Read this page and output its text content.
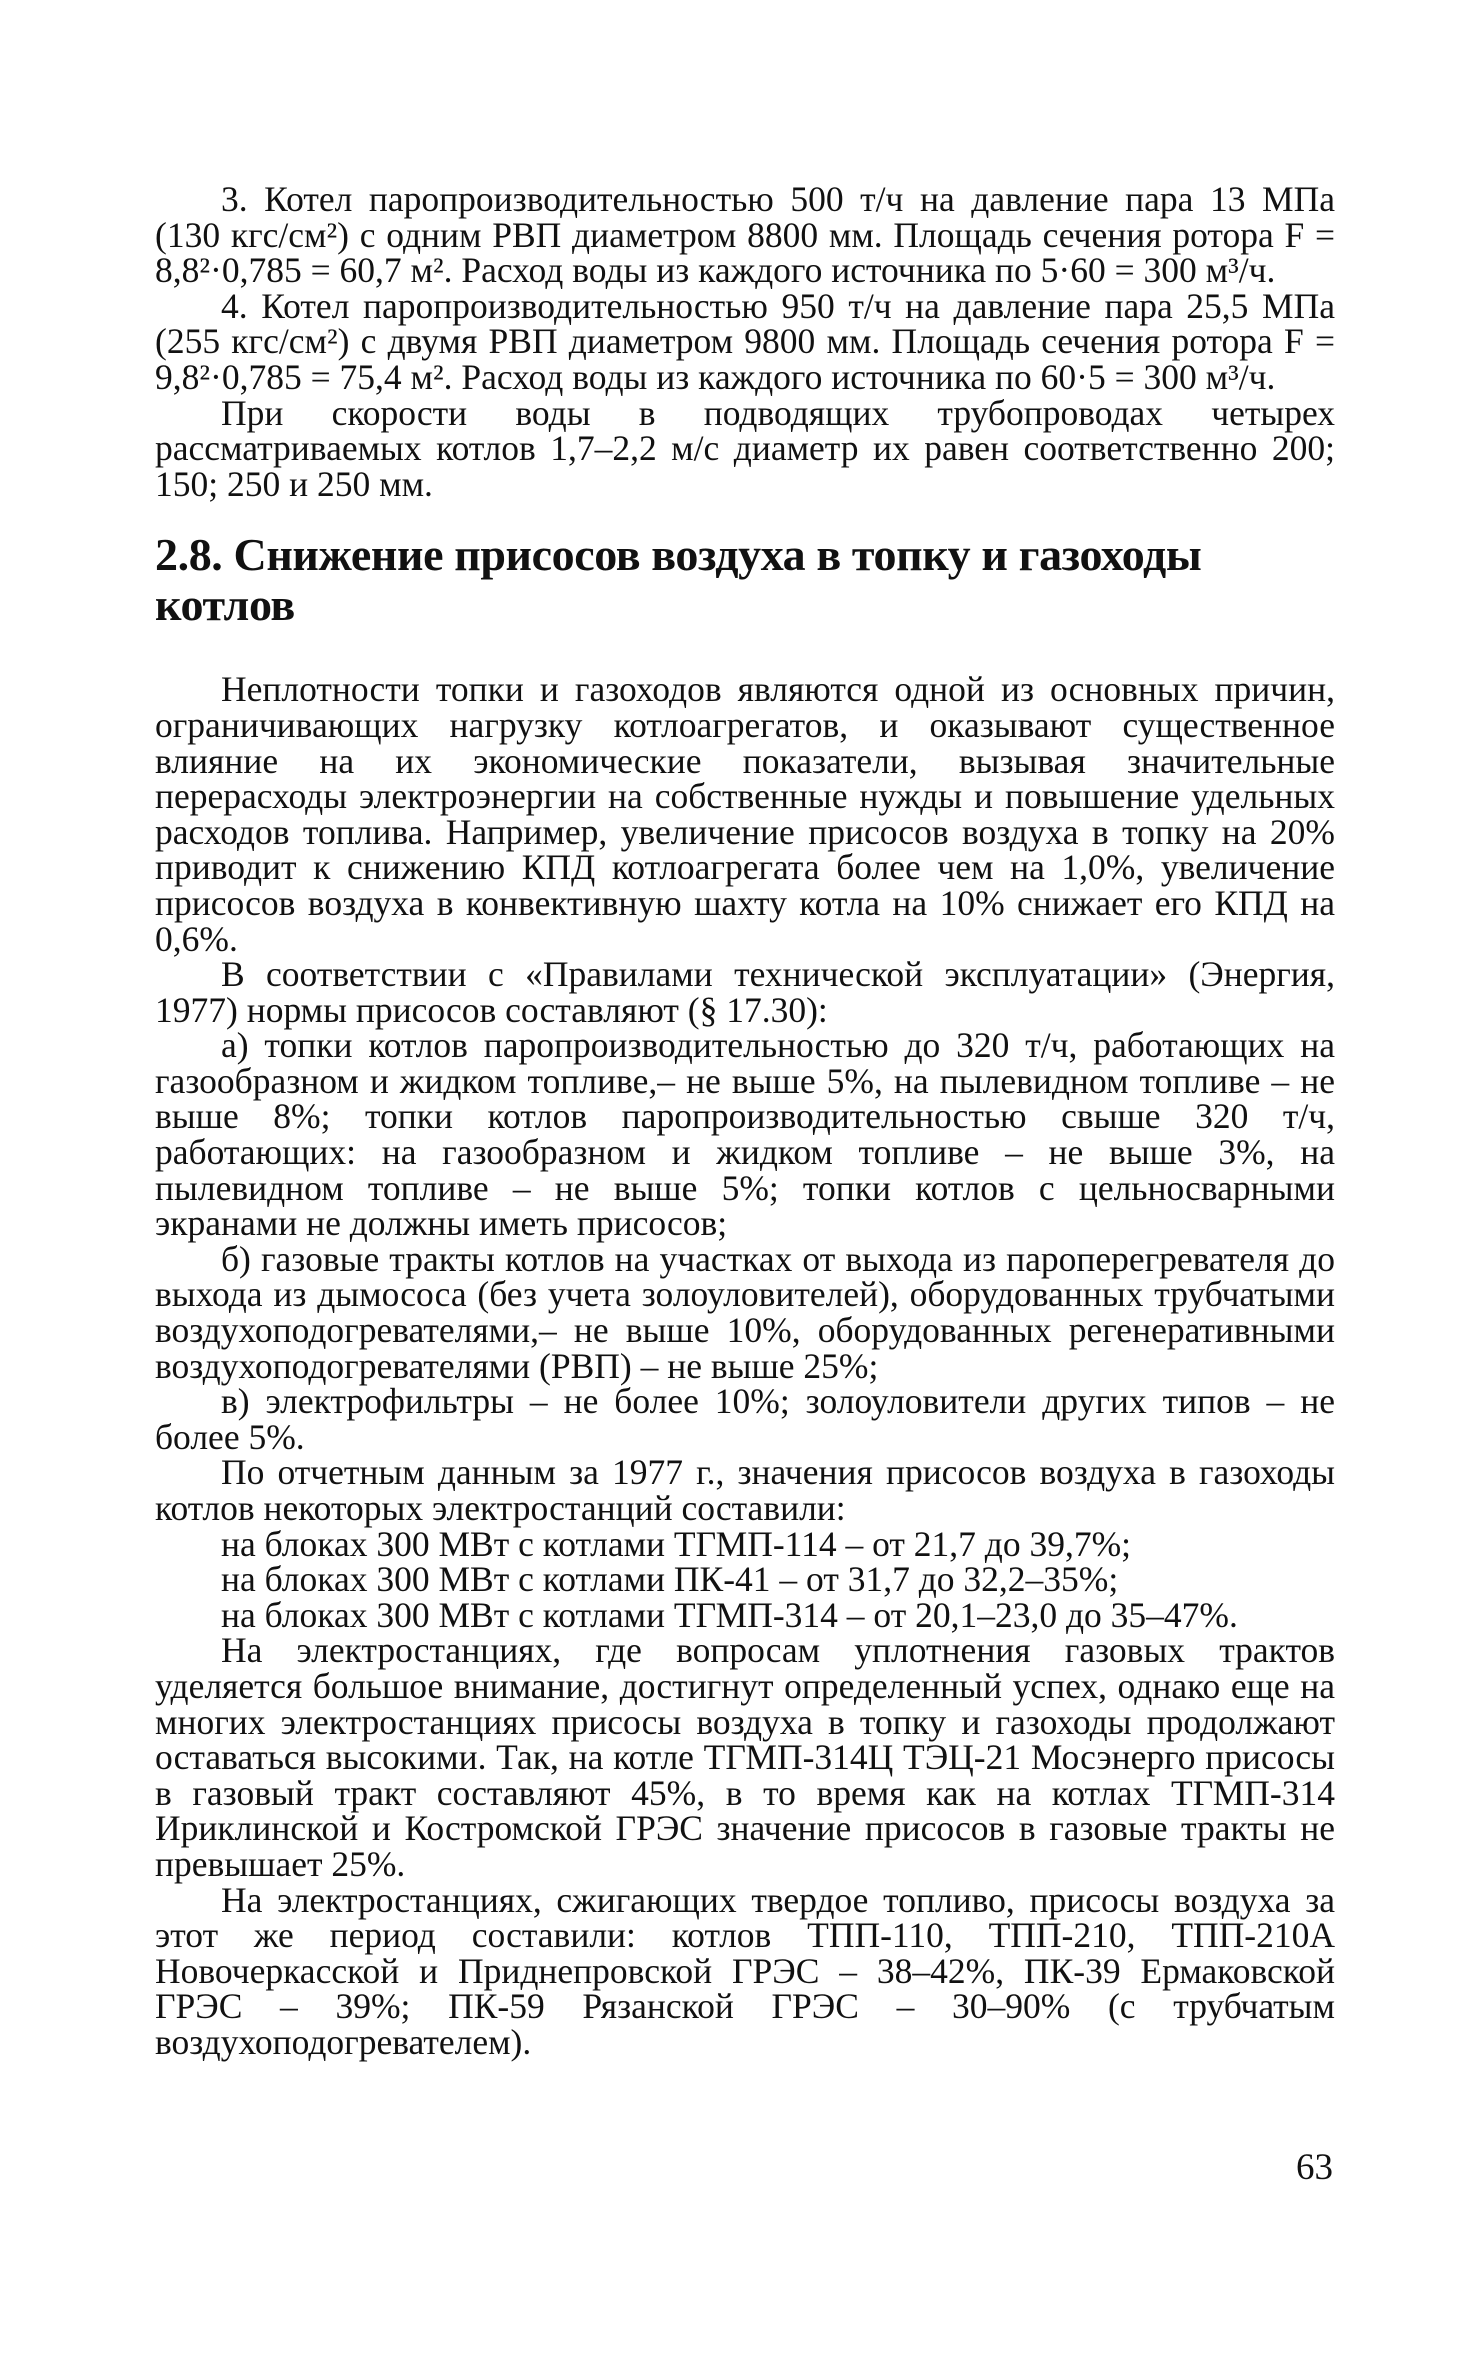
3. Котел паропроизводительностью 500 т/ч на давление пара 13 МПа (130 кгс/см²) с одним РВП диаметром 8800 мм. Площадь сечения ротора F = 8,8²·0,785 = 60,7 м². Расход воды из каждого источника по 5·60 = 300 м³/ч.

4. Котел паропроизводительностью 950 т/ч на давление пара 25,5 МПа (255 кгс/см²) с двумя РВП диаметром 9800 мм. Площадь сечения ротора F = 9,8²·0,785 = 75,4 м². Расход воды из каждого источника по 60·5 = 300 м³/ч.

При скорости воды в подводящих трубопроводах четырех рассматриваемых котлов 1,7–2,2 м/с диаметр их равен соответственно 200; 150; 250 и 250 мм.

2.8. Снижение присосов воздуха в топку и газоходы котлов

Неплотности топки и газоходов являются одной из основных причин, ограничивающих нагрузку котлоагрегатов, и оказывают существенное влияние на их экономические показатели, вызывая значительные перерасходы электроэнергии на собственные нужды и повышение удельных расходов топлива. Например, увеличение присосов воздуха в топку на 20% приводит к снижению КПД котлоагрегата более чем на 1,0%, увеличение присосов воздуха в конвективную шахту котла на 10% снижает его КПД на 0,6%.

В соответствии с «Правилами технической эксплуатации» (Энергия, 1977) нормы присосов составляют (§ 17.30):

а) топки котлов паропроизводительностью до 320 т/ч, работающих на газообразном и жидком топливе,– не выше 5%, на пылевидном топливе – не выше 8%; топки котлов паропроизводительностью свыше 320 т/ч, работающих: на газообразном и жидком топливе – не выше 3%, на пылевидном топливе – не выше 5%; топки котлов с цельносварными экранами не должны иметь присосов;

б) газовые тракты котлов на участках от выхода из пароперегревателя до выхода из дымососа (без учета золоуловителей), оборудованных трубчатыми воздухоподогревателями,– не выше 10%, оборудованных регенеративными воздухоподогревателями (РВП) – не выше 25%;

в) электрофильтры – не более 10%; золоуловители других типов – не более 5%.

По отчетным данным за 1977 г., значения присосов воздуха в газоходы котлов некоторых электростанций составили:

на блоках 300 МВт с котлами ТГМП-114 – от 21,7 до 39,7%;

на блоках 300 МВт с котлами ПК-41 – от 31,7 до 32,2–35%;

на блоках 300 МВт с котлами ТГМП-314 – от 20,1–23,0 до 35–47%.

На электростанциях, где вопросам уплотнения газовых трактов уделяется большое внимание, достигнут определенный успех, однако еще на многих электростанциях присосы воздуха в топку и газоходы продолжают оставаться высокими. Так, на котле ТГМП-314Ц ТЭЦ-21 Мосэнерго присосы в газовый тракт составляют 45%, в то время как на котлах ТГМП-314 Ириклинской и Костромской ГРЭС значение присосов в газовые тракты не превышает 25%.

На электростанциях, сжигающих твердое топливо, присосы воздуха за этот же период составили: котлов ТПП-110, ТПП-210, ТПП-210А Новочеркасской и Приднепровской ГРЭС – 38–42%, ПК-39 Ермаковской ГРЭС – 39%; ПК-59 Рязанской ГРЭС – 30–90% (с трубчатым воздухоподогревателем).

63
